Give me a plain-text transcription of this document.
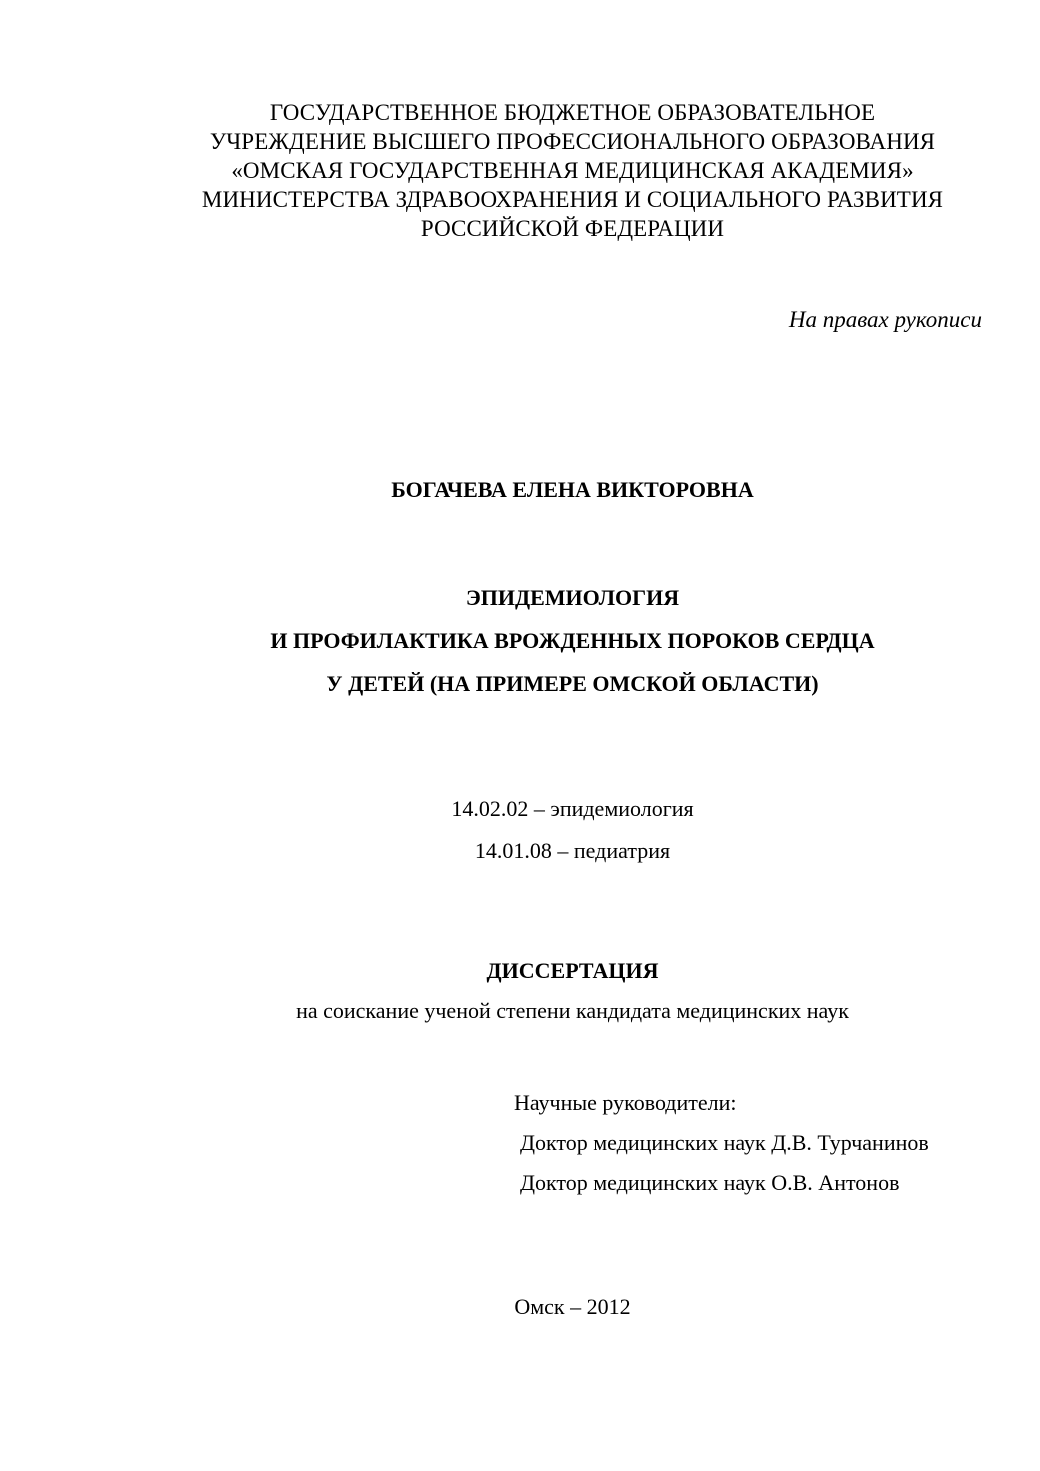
ГОСУДАРСТВЕННОЕ БЮДЖЕТНОЕ ОБРАЗОВАТЕЛЬНОЕ
УЧРЕЖДЕНИЕ ВЫСШЕГО ПРОФЕССИОНАЛЬНОГО ОБРАЗОВАНИЯ
«ОМСКАЯ ГОСУДАРСТВЕННАЯ МЕДИЦИНСКАЯ АКАДЕМИЯ»
МИНИСТЕРСТВА ЗДРАВООХРАНЕНИЯ И СОЦИАЛЬНОГО РАЗВИТИЯ
РОССИЙСКОЙ ФЕДЕРАЦИИ
На правах рукописи
БОГАЧЕВА ЕЛЕНА ВИКТОРОВНА
ЭПИДЕМИОЛОГИЯ
И ПРОФИЛАКТИКА ВРОЖДЕННЫХ ПОРОКОВ СЕРДЦА
У ДЕТЕЙ (НА ПРИМЕРЕ ОМСКОЙ ОБЛАСТИ)
14.02.02 – эпидемиология
14.01.08 – педиатрия
ДИССЕРТАЦИЯ
на соискание ученой степени кандидата медицинских наук
Научные руководители:
Доктор медицинских наук Д.В. Турчанинов
Доктор медицинских наук О.В. Антонов
Омск – 2012
